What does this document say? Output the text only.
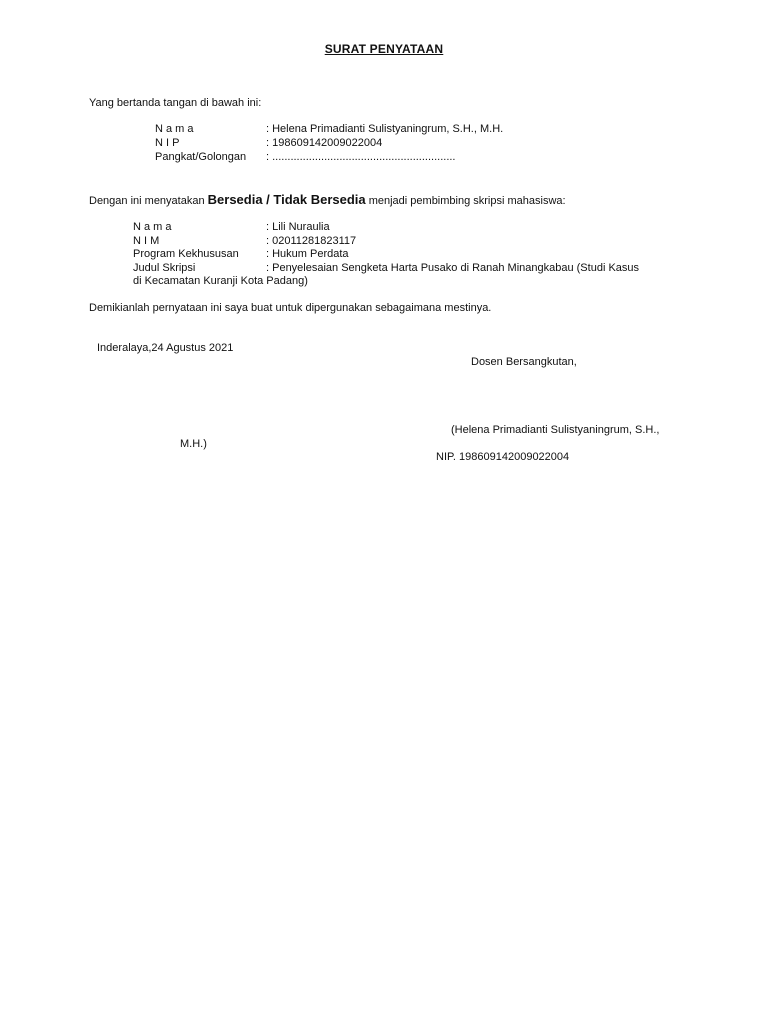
SURAT PENYATAAN
Yang bertanda tangan di bawah ini:
N a m a	: Helena Primadianti Sulistyaningrum, S.H., M.H.
N I P	: 198609142009022004
Pangkat/Golongan : ............................................................
Dengan ini menyatakan Bersedia / Tidak Bersedia menjadi pembimbing skripsi mahasiswa:
N a m a	: Lili Nuraulia
N I M	: 02011281823117
Program Kekhususan : Hukum Perdata
Judul Skripsi	: Penyelesaian Sengketa Harta Pusako di Ranah Minangkabau (Studi Kasus
di Kecamatan Kuranji Kota Padang)
Demikianlah pernyataan ini saya buat untuk dipergunakan sebagaimana mestinya.
Inderalaya,24 Agustus 2021
Dosen Bersangkutan,
(Helena Primadianti Sulistyaningrum, S.H.,
M.H.)
NIP. 198609142009022004
